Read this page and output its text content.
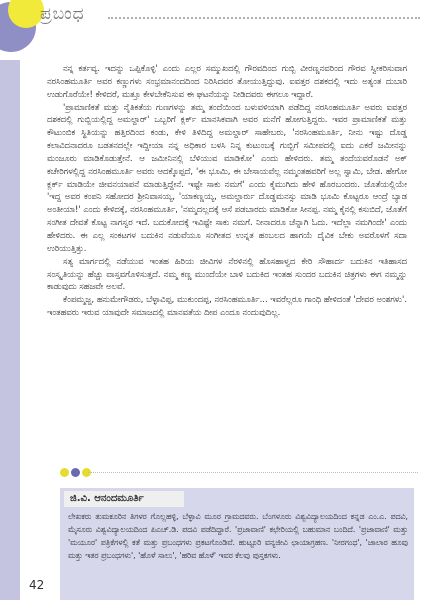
ಪ್ರಬಂಧ

ನನ್ನ ಕರ್ತವ್ಯ. ಇದನ್ನು ಒಪ್ಪಿಕೊಳ್ಳಿ' ಎಂದು ಎಲ್ಲರ ಸಮ್ಮುಖದಲ್ಲಿ ಗೌರವದಿಂದ ಗುಬ್ಬಿ ವೀರಣ್ಣನವರಿಂದ ಗೌರವ ಸ್ವೀಕರಿಸುವಾಗ ನರಸಿಂಹಮೂರ್ತಿ ಅವರ ಕಣ್ಣುಗಳು ಸಂಭ್ರಮಾನಂದದಿಂದ ನಿರಿಸಿದವರ ತೋಯುತ್ತಿದ್ದುವು. ಐವತ್ತರ ದಶಕದಲ್ಲಿ ಇದು ಅತ್ಯಂತ ದುಬಾರಿ ಉಡುಗೊರೆಯೇ! ಕೇಳಿದರೆ, ಮತ್ತೂ ಕೇಳಬೇಕೆನಿಸುವ ಈ ಘಟನೆಯನ್ನು ನೀಡಿದವರು ಈಗಲೂ ಇದ್ದಾರೆ.

'ಪ್ರಾಮಾಣಿಕತೆ ಮತ್ತು ನೈತಿಕತೆಯ ಗುಣಗಳನ್ನು ತಮ್ಮ ತಂದೆಯಿಂದ ಬಳುವಳಿಯಾಗಿ ಪಡೆದಿದ್ದ ನರಸಿಂಹಮೂರ್ತಿ ಅವರು ಐವತ್ತರ ದಶಕದಲ್ಲಿ ಗುಬ್ಬಿಯಲ್ಲಿದ್ದ ಅಮಲ್ದಾರ್' ಒಬ್ಬರಿಗೆ ಕ್ಲರ್ಕ್ ಮಾನಸಿಕವಾಗಿ ಅವರ ಮನೆಗೆ ಹೋಗುತ್ತಿದ್ದರು. ಇವರ ಪ್ರಾಮಾಣಿಕತೆ ಮತ್ತು ಕೌಟುಂಬಿಕ ಸ್ಥಿತಿಯನ್ನು ಹತ್ತಿರದಿಂದ ಕಂಡು, ಕೇಳಿ ತಿಳಿದಿದ್ದ ಅಮಲ್ದಾರ್ ಸಾಹೇಬರು, 'ನರಸಿಂಹಮೂರ್ತಿ, ನೀನು ಇಷ್ಟು ದೊಡ್ಡ ಕಲಾವಿದನಾದರೂ ಬಡತನದಲ್ಲೇ ಇದ್ದೀಯಾ ನನ್ನ ಅಧಿಕಾರ ಬಳಸಿ ನಿನ್ನ ಕುಟುಂಬಕ್ಕೆ ಗುಬ್ಬಿಗೆ ಸಮೀಪದಲ್ಲಿ ಐದು ಎಕರೆ ಜಮೀನನ್ನು ಮಂಜೂರು ಮಾಡಿಕೊಡುತ್ತೇನೆ. ಆ ಜಮೀನಿನಲ್ಲಿ ಬೆಳಿಯುವ ಮಾಡಿಕೋ' ಎಂದು ಹೇಳಿದರು. ತಮ್ಮ ತಂದೆಯವರೊಡನೆ ಅಕ್ ಕಚೇರಿಗಳಲ್ಲಿದ್ದ ನರಸಿಂಹಮೂರ್ತಿ ಅವರು ಆದಕ್ಕೊಪ್ಪದೆ, 'ಈ ಭೂಮಿ, ಈ ಬೇಸಾಯವೆಲ್ಲ ನಮ್ಮಂತಹವರಿಗೆ ಅಲ್ಲ ಸ್ವಾಮಿ, ಬೇಡ. ಹೇಗೋ ಕ್ಲರ್ಕ್ ಮಾಡಿಯೇ ಜೀವನಯಾಪನೆ ಮಾಡುತ್ತಿದ್ದೇನೆ. ಇಷ್ಟೇ ಸಾಕು ನಮಗೆ' ಎಂದು ಕೈಮುಗಿದು ಹೇಳಿ ಹೊರಬಂದರು. ಜೊತೆಯಲ್ಲಿಯೇ 'ಇದ್ದ ಅವರ ಕಂಪನಿ ಸಹೋದರ ಶ್ರೀನಿವಾಸಯ್ಯ, 'ಯಾಕಣ್ಣಯ್ಯ, ಅಮಲ್ದಾರ್ರು ದೊಡ್ಡಮನಸ್ಸು ಮಾಡಿ ಭೂಮಿ ಕೊಟ್ಟರೂ ಆಂದ್ರೆ ಬ್ಯಾಡ ಅಂತೀಯಾ!' ಎಂದು ಕೇಳಿದಕ್ಕೆ, ನರಸಿಂಹಮೂರ್ತಿ, 'ನಮ್ಮದಲ್ಲದಕ್ಕೆ ಆಸೆ ಪಡಬಾರದು ಮಾಡಿಕೋ ಸೀನಪ್ಪ. ನಮ್ಮ ಕೈನಲ್ಲಿ ಕಸುಬಿದೆ, ಜೊತೆಗೆ ಸಂಗೀತ ದೇವತೆ ಕೊಟ್ಟ ನಾಗಸ್ವರ ಇದೆ. ಬದುಕೋದಕ್ಕೆ ಇವಿಷ್ಟೇ ಸಾಕು ನಮಗೆ. ನೀನಾದರೂ ಚೆನ್ನಾಗಿ ಓದು. ಇದೆಲ್ಲಾ ನಮಗಿಂದೇ' ಎಂದು ಹೇಳಿದರು. ಈ ಎಲ್ಲ ಸಂಕಟಗಳ ಬದುಕಿನ ನಡುವೆಯೂ ಸಂಗೀತದ ಉನ್ನತ ಹಂಬಲದ ಹಾಗಯೆ ದೈವಿಕ ಬೇಕು ಅವರೊಳಗೆ ಸದಾ ಉರಿಯುತ್ತಿತ್ತು.

ಸತ್ಯ ಮಾರ್ಗದಲ್ಲಿ ನಡೆಯುವ ಇಂತಹ ಹಿರಿಯ ಜೀವಿಗಳ ನೆರಳಿನಲ್ಲಿ ಹೊಸಹಾಳ್ವದ ಕೇರಿ ಸೌಹಾರ್ದ ಬದುಕಿನ ಇತಿಹಾಸದ ಸಂಸ್ಕೃತಿಯನ್ನು ಹೆಚ್ಚು ವಾಸ್ತವಗೊಳಿಸುತ್ತದೆ. ನಮ್ಮ ಕಣ್ಣ ಮುಂದೆಯೇ ಬಾಳಿ ಬದುಕಿದ ಇಂತಹ ಸುಂದರ ಬದುಕಿನ ಚಿತ್ರಗಳು ಈಗ ನಮ್ಮನ್ನು ಕಾಡುವುದು ಸಹಜವೇ ಅಲವೆ.

ಕೆಂಪಮ್ಮಜ್ಜ, ಹನುಮೇಗೌಡರು, ಬೆಳ್ಳಾವಿಪ್ಪ, ಮುಕುಂದಪ್ಪ, ನರಸಿಂಹಮೂರ್ತಿ... ಇವರೆಲ್ಲರೂ ಗಾಂಧಿ ಹೇಳಿದಂತೆ 'ದೇವರ ಅಂಶಗಳು'. ಇಂತಹವರು ಇರುವ ಯಾವುದೇ ಸಮಾಜದಲ್ಲಿ ಮಾನವತೆಯ ದೀಪ ಎಂದೂ ನಂದುವುದಿಲ್ಲ.

ಜಿ.ವಿ. ಆನಂದಮೂರ್ತಿ
ಲೇಖಕರು ತುಮಕೂರಿನ ತಿಗಳರ ಗೊಲ್ಲಹಳ್ಳಿ, ಬೆಳ್ಳಾವಿ ಮೂರ ಗ್ರಾಮದವರು. ಬೆಂಗಳೂರು ವಿಶ್ವವಿದ್ಯಾಲಯದಿಂದ ಕನ್ನಡ ಎಂ.ಎ. ಪದವಿ, ಮೈಸೂರು ವಿಶ್ವವಿದ್ಯಾಲಯದಿಂದ ಪಿಎಚ್.ಡಿ. ಪದವಿ ಪಡೆದಿದ್ದಾರೆ. 'ಪ್ರಜಾವಾಣಿ' ಕಛೇರಿಯಲ್ಲಿ ಬಹುಮಾನ ಬಂದಿದೆ. 'ಪ್ರಜಾವಾಣಿ' ಮತ್ತು 'ಮಯೂರ' ಪತ್ರಿಕೆಗಳಲ್ಲಿ ಕತೆ ಮತ್ತು ಪ್ರಬಂಧಗಳು ಪ್ರಕಟಗೊಂಡಿವೆ. ಹುಟ್ಟೂರಿ ವನ್ಯಜೀವಿ ಛಾಯಾಗ್ರಹಣ. 'ನೀರಗಂಧ', 'ಜಾಲಾರ ಹೂವು ಮತ್ತು ಇತರ ಪ್ರಬಂಧಗಳು', 'ಹೊಳೆ ಸಾಲು', 'ಹರಿವ ಹೊಳೆ' ಇವರ ಕೆಲವು ಪುಸ್ತಕಗಳು.
42
